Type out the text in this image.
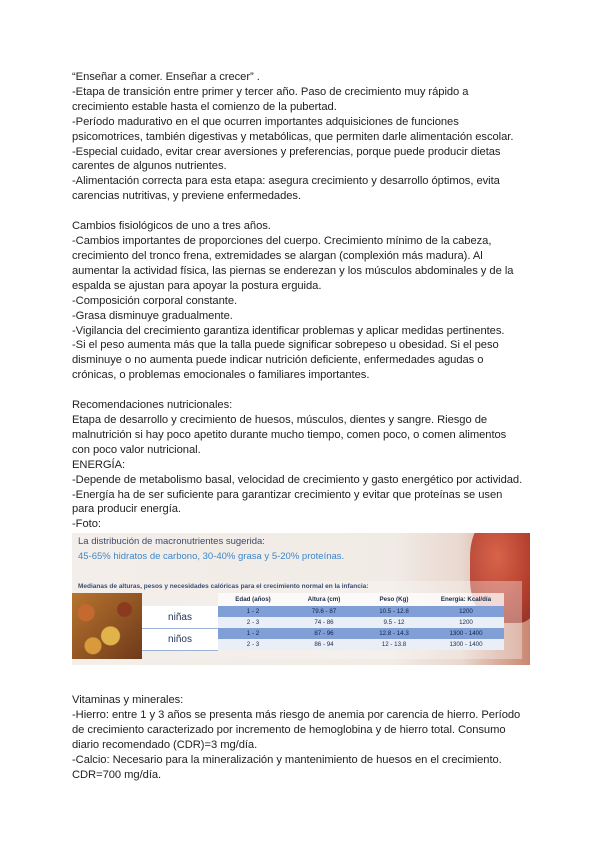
“Enseñar a comer. Enseñar a crecer” .
-Etapa de transición entre primer y tercer año. Paso de crecimiento muy rápido a
crecimiento estable hasta el comienzo de la pubertad.
-Período madurativo en el que ocurren importantes adquisiciones de funciones
psicomotrices, también digestivas y metabólicas, que permiten darle alimentación escolar.
-Especial cuidado, evitar crear aversiones y preferencias, porque puede producir dietas
carentes de algunos nutrientes.
-Alimentación correcta para esta etapa: asegura crecimiento y desarrollo óptimos, evita
carencias nutritivas, y previene enfermedades.
Cambios fisiológicos de uno a tres años.
-Cambios importantes de proporciones del cuerpo. Crecimiento mínimo de la cabeza,
crecimiento del tronco frena, extremidades se alargan (complexión más madura). Al
aumentar la actividad física, las piernas se enderezan y los músculos abdominales y de la
espalda se ajustan para apoyar la postura erguida.
-Composición corporal constante.
-Grasa disminuye gradualmente.
-Vigilancia del crecimiento garantiza identificar problemas y aplicar medidas pertinentes.
-Si el peso aumenta más que la talla puede significar sobrepeso u obesidad. Si el peso
disminuye o no aumenta puede indicar nutrición deficiente, enfermedades agudas o
crónicas, o problemas emocionales o familiares importantes.
Recomendaciones nutricionales:
Etapa de desarrollo y crecimiento de huesos, músculos, dientes y sangre. Riesgo de
malnutrición si hay poco apetito durante mucho tiempo, comen poco, o comen alimentos
con poco valor nutricional.
ENERGÍA:
-Depende de metabolismo basal, velocidad de crecimiento y gasto energético por actividad.
-Energía ha de ser suficiente para garantizar crecimiento y evitar que proteínas se usen
para producir energía.
-Foto:
La distribución de macronutrientes sugerida:
45-65% hidratos de carbono, 30-40% grasa y 5-20% proteínas.
Medianas de alturas, pesos y necesidades calóricas para el crecimiento normal en la infancia:
	Edad (años)	Altura (cm)	Peso (Kg)	Energía: Kcal/día
niñas	1 - 2	79.6 - 87	10.5 - 12.8	1200
	2 - 3	74 - 86	9.5 - 12	1200
niños	1 - 2	87 - 96	12.8 - 14.3	1300 - 1400
	2 - 3	86 - 94	12 - 13.8	1300 - 1400
Vitaminas y minerales:
-Hierro: entre 1 y 3 años se presenta más riesgo de anemia por carencia de hierro. Período
de crecimiento caracterizado por incremento de hemoglobina y de hierro total. Consumo
diario recomendado (CDR)=3 mg/día.
-Calcio: Necesario para la mineralización y mantenimiento de huesos en el crecimiento.
CDR=700 mg/día.
